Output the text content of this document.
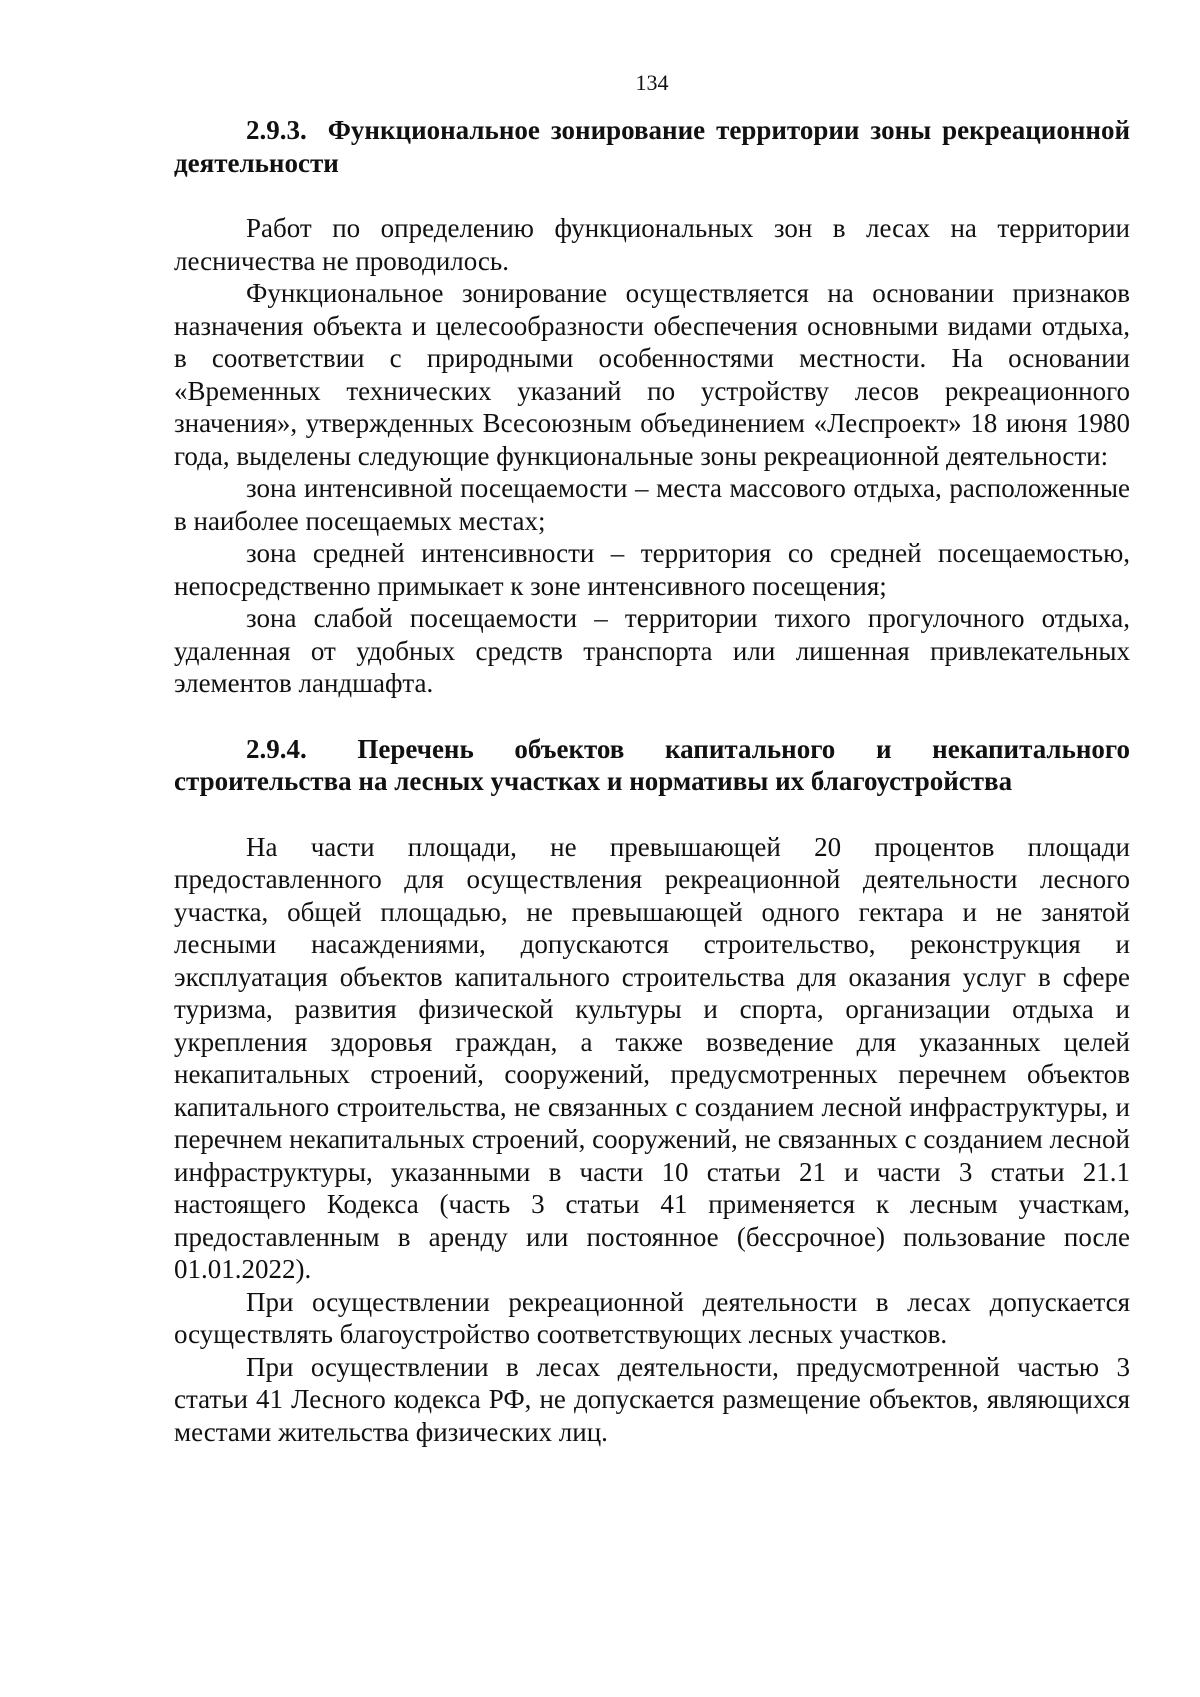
134

2.9.3. Функциональное зонирование территории зоны рекреационной деятельности

Работ по определению функциональных зон в лесах на территории лесничества не проводилось.

Функциональное зонирование осуществляется на основании признаков назначения объекта и целесообразности обеспечения основными видами отдыха, в соответствии с природными особенностями местности. На основании «Временных технических указаний по устройству лесов рекреационного значения», утвержденных Всесоюзным объединением «Леспроект» 18 июня 1980 года, выделены следующие функциональные зоны рекреационной деятельности:

зона интенсивной посещаемости – места массового отдыха, расположенные в наиболее посещаемых местах;

зона средней интенсивности – территория со средней посещаемостью, непосредственно примыкает к зоне интенсивного посещения;

зона слабой посещаемости – территории тихого прогулочного отдыха, удаленная от удобных средств транспорта или лишенная привлекательных элементов ландшафта.

2.9.4. Перечень объектов капитального и некапитального строительства на лесных участках и нормативы их благоустройства

На части площади, не превышающей 20 процентов площади предоставленного для осуществления рекреационной деятельности лесного участка, общей площадью, не превышающей одного гектара и не занятой лесными насаждениями, допускаются строительство, реконструкция и эксплуатация объектов капитального строительства для оказания услуг в сфере туризма, развития физической культуры и спорта, организации отдыха и укрепления здоровья граждан, а также возведение для указанных целей некапитальных строений, сооружений, предусмотренных перечнем объектов капитального строительства, не связанных с созданием лесной инфраструктуры, и перечнем некапитальных строений, сооружений, не связанных с созданием лесной инфраструктуры, указанными в части 10 статьи 21 и части 3 статьи 21.1 настоящего Кодекса (часть 3 статьи 41 применяется к лесным участкам, предоставленным в аренду или постоянное (бессрочное) пользование после 01.01.2022).

При осуществлении рекреационной деятельности в лесах допускается осуществлять благоустройство соответствующих лесных участков.

При осуществлении в лесах деятельности, предусмотренной частью 3 статьи 41 Лесного кодекса РФ, не допускается размещение объектов, являющихся местами жительства физических лиц.
